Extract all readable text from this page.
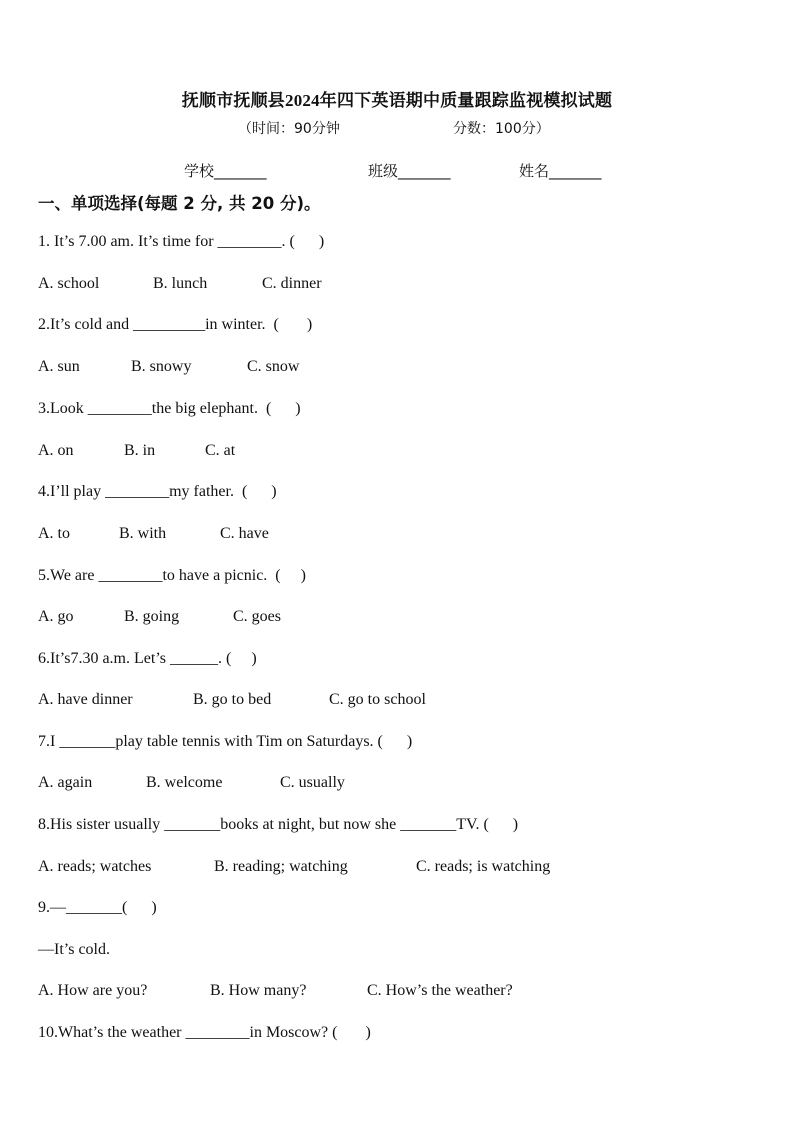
抚顺市抚顺县2024年四下英语期中质量跟踪监视模拟试题
（时间：90分钟	分数：100分）
学校_______	班级_______	姓名_______
一、单项选择(每题 2 分, 共 20 分)。
1. It’s 7.00 am. It’s time for ________. (      )
A. school	B. lunch	C. dinner
2.It’s cold and _________in winter.  (       )
A. sun	B. snowy	C. snow
3.Look ________the big elephant.  (      )
A. on	B. in	C. at
4.I’ll play ________my father.  (      )
A. to	B. with	C. have
5.We are ________to have a picnic.  (     )
A. go	B. going	C. goes
6.It’s7.30 a.m. Let’s ______. (     )
A. have dinner	B. go to bed	C. go to school
7.I _______play table tennis with Tim on Saturdays. (      )
A. again	B. welcome	C. usually
8.His sister usually _______books at night, but now she _______TV. (      )
A. reads; watches	B. reading; watching	C. reads; is watching
9.—_______(      )
—It’s cold.
A. How are you?	B. How many?	C. How’s the weather?
10.What’s the weather ________in Moscow? (       )
